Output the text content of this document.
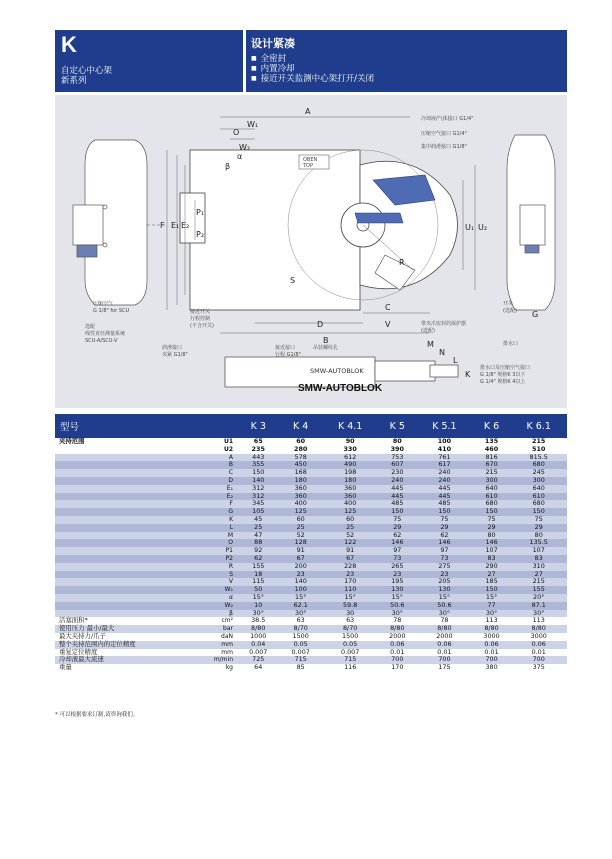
K
自定心中心架
新系列
设计紧凑
■ 全密封
■ 内置冷却
■ 接近开关监测中心架打开/关闭
OBEN
TOP
A
O
W₁
W₂
α
β
F E₁ E₂
P₁
P₂
U₁ U₂
R
S
B
C
D	V
G
K
L
M
N
SMW-AUTOBLOK
SMW-AUTOBLOK
冷却液/气体接口 G1/4"
压缩空气接口 G1/4"
集中润滑接口 G1/8"
压缩空气
G 1/8" for SCU
选配
线性直径测量系统
SCU-A/SCU-V
接近开关
行程控制
(不含开关)
吊装螺纹孔
带夹爪密封的保护器
(选配)
开关
(选配)
排水口
润滑接口
夹紧 G1/8"
接近接口
行程 G1/8"
排水口及压缩空气接口
G 1/8" 规格K 3以下
G 1/4" 规格K 4以上
型号		K 3	K 4	K 4.1	K 5	K 5.1	K 6	K 6.1
夹持范围	U1	65	60	90	80	100	135	215
	U2	235	280	330	390	410	460	510
	A	443	578	612	753	761	816	815.5
	B	355	450	490	607	617	670	680
	C	150	168	198	230	240	215	245
	D	140	180	180	240	240	300	300
	E₁	312	360	360	445	445	640	640
	E₂	312	360	360	445	445	610	610
	F	345	400	400	485	485	680	680
	G	105	125	125	150	150	150	150
	K	45	60	60	75	75	75	75
	L	25	25	25	29	29	29	29
	M	47	52	52	62	62	80	80
	O	88	128	122	146	146	146	135.5
	P1	92	91	91	97	97	107	107
	P2	62	67	67	73	73	83	83
	R	155	200	228	265	275	290	310
	S	18	23	23	23	23	27	27
	V	115	140	170	195	205	185	215
	W₁	50	100	110	130	130	150	155
	α	15°	15°	15°	15°	15°	15°	20°
	W₂	10	62.1	59.8	50.6	50.6	77	87.1
	β	30°	30°	30	30°	30°	30°	30°
活塞面积*	cm²	38.5	63	63	78	78	113	113
使用压力 最小/最大	bar	8/80	8/70	8/70	8/80	8/80	8/80	8/80
最大夹持力/爪子	daN	1000	1500	1500	2000	2000	3000	3000
整个夹持范围内的定位精度	mm	0.04	0.05	0.05	0.06	0.06	0.06	0.06
重复定位精度	mm	0.007	0.007	0.007	0.01	0.01	0.01	0.01
冷却液最大流速	m/min	725	715	715	700	700	700	700
重量	kg	64	85	116	170	175	380	375
* 可以根据要求订制,请咨询我们。
